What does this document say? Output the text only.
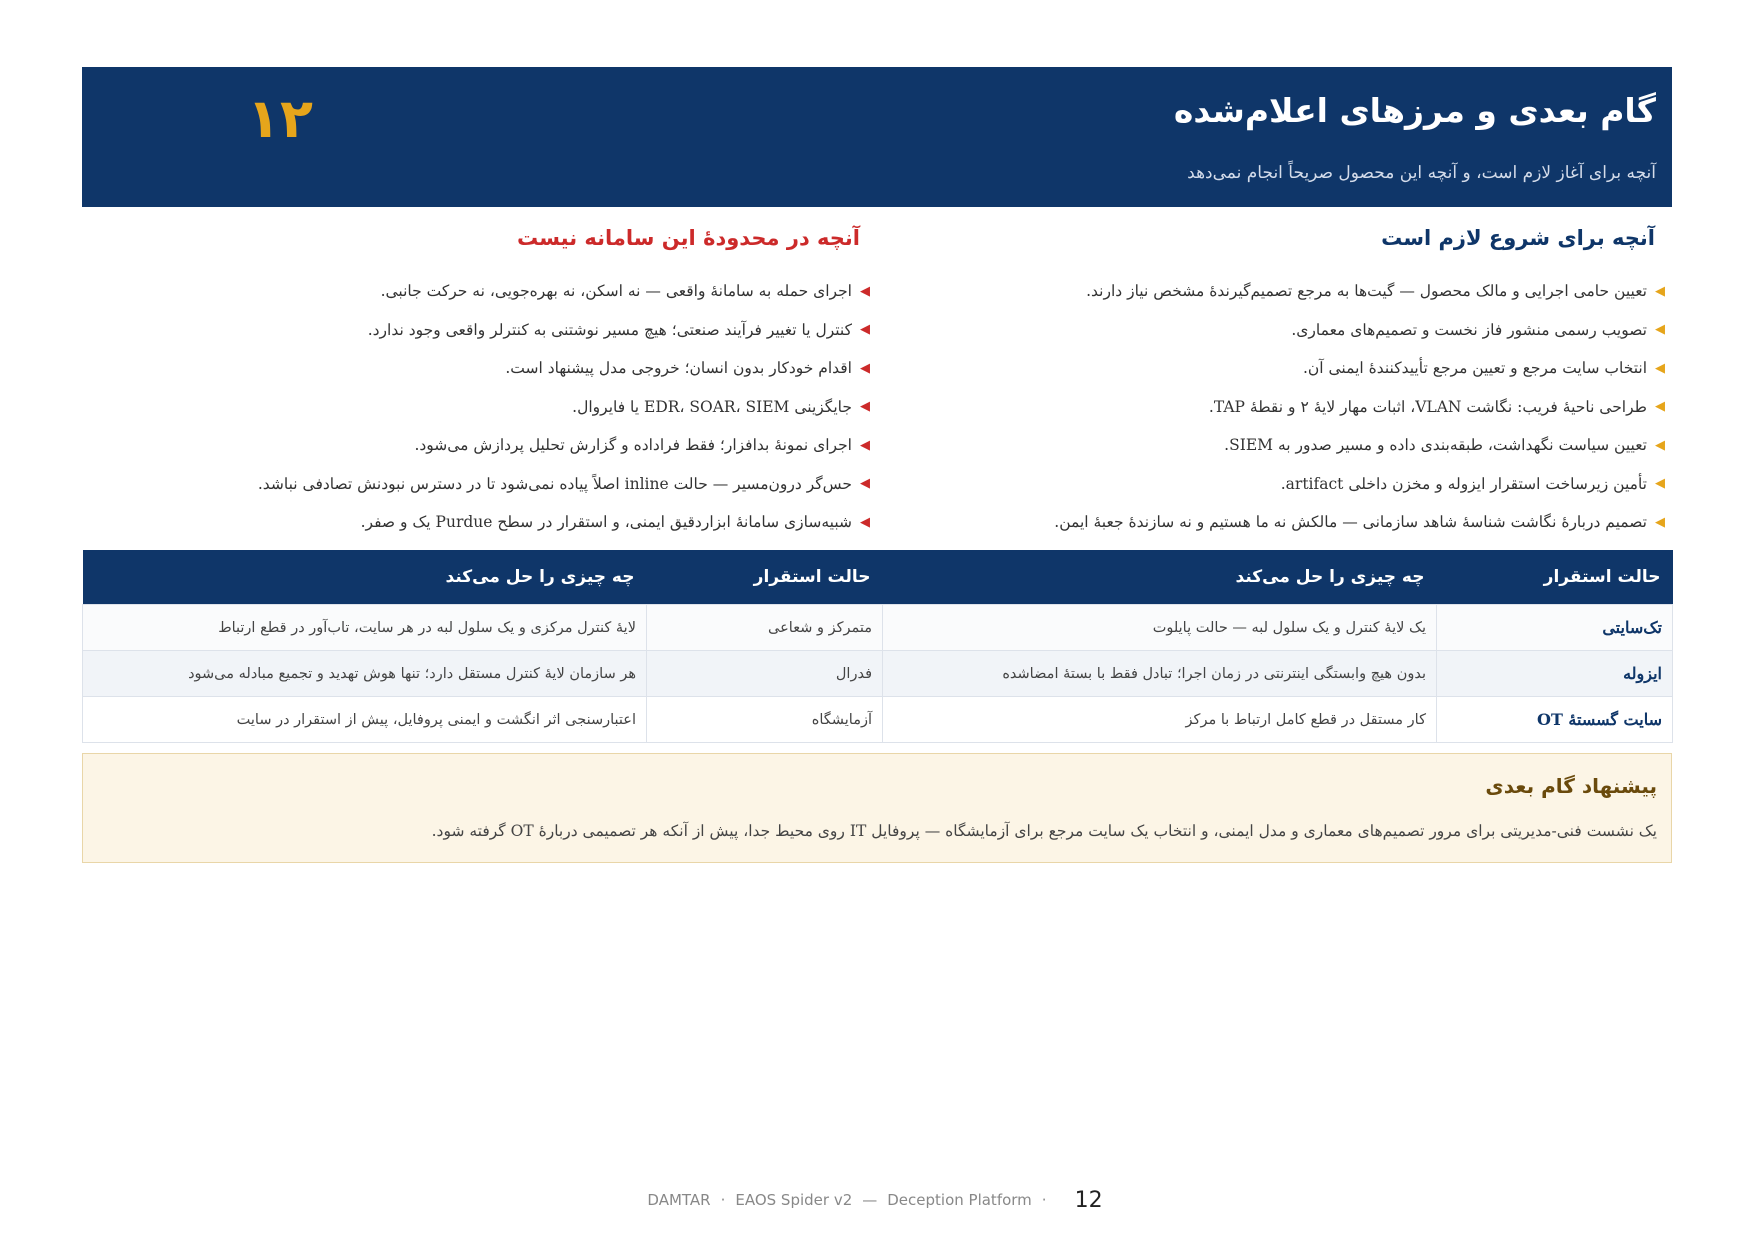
گام بعدی و مرزهای اعلام‌شده
آنچه برای آغاز لازم است، و آنچه این محصول صریحاً انجام نمی‌دهد
۱۲
آنچه برای شروع لازم است
◀
تعیین حامی اجرایی و مالک محصول — گیت‌ها به مرجع تصمیم‌گیرندهٔ مشخص نیاز دارند.
◀
تصویب رسمی منشور فاز نخست و تصمیم‌های معماری.
◀
انتخاب سایت مرجع و تعیین مرجع تأییدکنندهٔ ایمنی آن.
◀
طراحی ناحیهٔ فریب: نگاشت VLAN، اثبات مهار لایهٔ ۲ و نقطهٔ TAP.
◀
تعیین سیاست نگهداشت، طبقه‌بندی داده و مسیر صدور به SIEM.
◀
تأمین زیرساخت استقرار ایزوله و مخزن داخلی artifact.
◀
تصمیم دربارهٔ نگاشت شناسهٔ شاهد سازمانی — مالکش نه ما هستیم و نه سازندهٔ جعبهٔ ایمن.
آنچه در محدودهٔ این سامانه نیست
◀
اجرای حمله به سامانهٔ واقعی — نه اسکن، نه بهره‌جویی، نه حرکت جانبی.
◀
کنترل یا تغییر فرآیند صنعتی؛ هیچ مسیر نوشتنی به کنترلر واقعی وجود ندارد.
◀
اقدام خودکار بدون انسان؛ خروجی مدل پیشنهاد است.
◀
جایگزینی EDR، SOAR، SIEM یا فایروال.
◀
اجرای نمونهٔ بدافزار؛ فقط فراداده و گزارش تحلیل پردازش می‌شود.
◀
حس‌گر درون‌مسیر — حالت inline اصلاً پیاده نمی‌شود تا در دسترس نبودنش تصادفی نباشد.
◀
شبیه‌سازی سامانهٔ ابزاردقیق ایمنی، و استقرار در سطح Purdue یک و صفر.
حالت استقرار	چه چیزی را حل می‌کند	حالت استقرار	چه چیزی را حل می‌کند
تک‌سایتی	یک لایهٔ کنترل و یک سلول لبه — حالت پایلوت	متمرکز و شعاعی	لایهٔ کنترل مرکزی و یک سلول لبه در هر سایت، تاب‌آور در قطع ارتباط
ایزوله	بدون هیچ وابستگی اینترنتی در زمان اجرا؛ تبادل فقط با بستهٔ امضاشده	فدرال	هر سازمان لایهٔ کنترل مستقل دارد؛ تنها هوش تهدید و تجمیع مبادله می‌شود
سایت گسستهٔ OT	کار مستقل در قطع کامل ارتباط با مرکز	آزمایشگاه	اعتبارسنجی اثر انگشت و ایمنی پروفایل، پیش از استقرار در سایت
پیشنهاد گام بعدی

یک نشست فنی-مدیریتی برای مرور تصمیم‌های معماری و مدل ایمنی، و انتخاب یک سایت مرجع برای آزمایشگاه — پروفایل IT روی محیط جدا، پیش از آنکه هر تصمیمی دربارهٔ OT گرفته شود.

DAMTAR · EAOS Spider v2 — Deception Platform · 12
